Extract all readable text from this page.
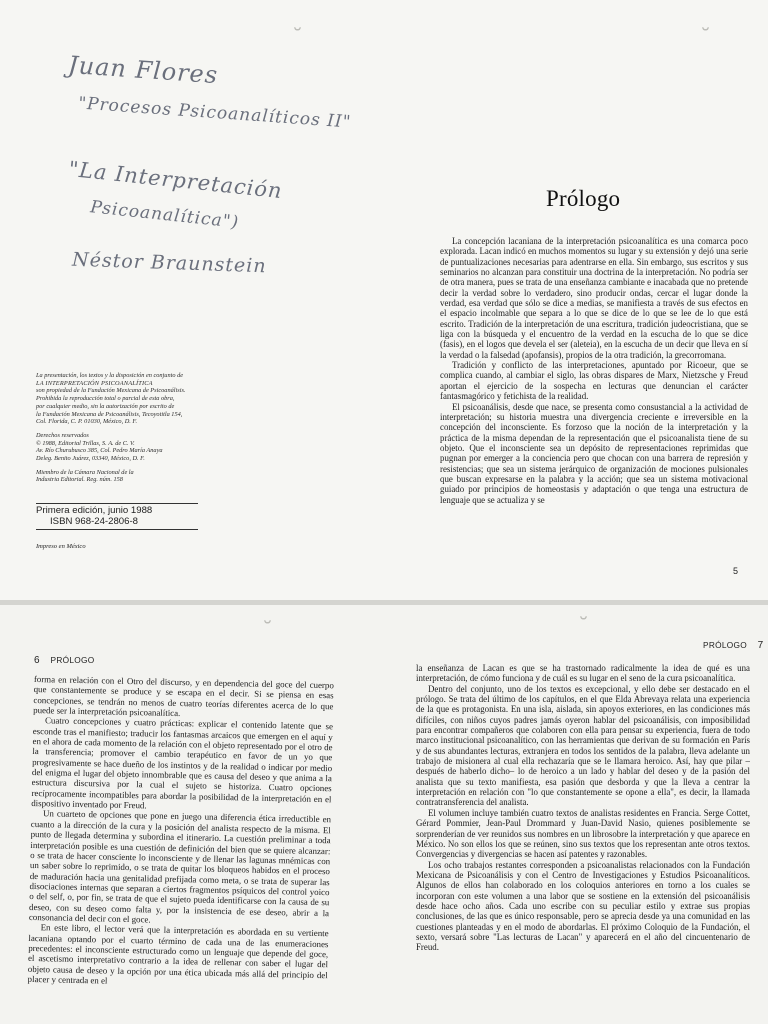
˘	˘
Juan Flores
"Procesos Psicoanalíticos II"
"La Interpretación
Psicoanalítica")
Néstor Braunstein

La presentación, los textos y la disposición en conjunto de

LA INTERPRETACIÓN PSICOANALÍTICA

son propiedad de la Fundación Mexicana de Psicoanálisis.

Prohibida la reproducción total o parcial de esta obra,

por cualquier medio, sin la autorización por escrito de

la Fundación Mexicana de Psicoanálisis, Tecoyotitla 154,

Col. Florida, C. P. 01030, México, D. F.

Derechos reservados

© 1988, Editorial Trillas, S. A. de C. V.

Av. Río Churubusco 385, Col. Pedro María Anaya

Deleg. Benito Juárez, 03340, México, D. F.

Miembro de la Cámara Nacional de la

Industria Editorial. Reg. núm. 158

Primera edición, junio 1988
ISBN 968-24-2806-8
Impreso en México
Prólogo

La concepción lacaniana de la interpretación psicoanalítica es una comarca poco explorada. Lacan indicó en muchos momentos su lugar y su extensión y dejó una serie de puntualizaciones necesarias para adentrarse en ella. Sin embargo, sus escritos y sus seminarios no alcanzan para constituir una doctrina de la interpretación. No podría ser de otra manera, pues se trata de una enseñanza cambiante e inacabada que no pretende decir la verdad sobre lo verdadero, sino producir ondas, cercar el lugar donde la verdad, esa verdad que sólo se dice a medias, se manifiesta a través de sus efectos en el espacio incolmable que separa a lo que se dice de lo que se lee de lo que está escrito. Tradición de la interpretación de una escritura, tradición judeocristiana, que se liga con la búsqueda y el encuentro de la verdad en la escucha de lo que se dice (fasis), en el logos que devela el ser (aleteia), en la escucha de un decir que lleva en sí la verdad o la falsedad (apofansis), propios de la otra tradición, la grecorromana.

Tradición y conflicto de las interpretaciones, apuntado por Ricoeur, que se complica cuando, al cambiar el siglo, las obras dispares de Marx, Nietzsche y Freud aportan el ejercicio de la sospecha en lecturas que denuncian el carácter fantasmagórico y fetichista de la realidad.

El psicoanálisis, desde que nace, se presenta como consustancial a la actividad de interpretación; su historia muestra una divergencia creciente e irreversible en la concepción del inconsciente. Es forzoso que la noción de la interpretación y la práctica de la misma dependan de la representación que el psicoanalista tiene de su objeto. Que el inconsciente sea un depósito de representaciones reprimidas que pugnan por emerger a la conciencia pero que chocan con una barrera de represión y resistencias; que sea un sistema jerárquico de organización de mociones pulsionales que buscan expresarse en la palabra y la acción; que sea un sistema motivacional guiado por principios de homeostasis y adaptación o que tenga una estructura de lenguaje que se actualiza y se

5
˘	˘
6 PRÓLOGO
PRÓLOGO 7

forma en relación con el Otro del discurso, y en dependencia del goce del cuerpo que constantemente se produce y se escapa en el decir. Si se piensa en esas concepciones, se tendrán no menos de cuatro teorías diferentes acerca de lo que puede ser la interpretación psicoanalítica.

Cuatro concepciones y cuatro prácticas: explicar el contenido latente que se esconde tras el manifiesto; traducir los fantasmas arcaicos que emergen en el aquí y en el ahora de cada momento de la relación con el objeto representado por el otro de la transferencia; promover el cambio terapéutico en favor de un yo que progresivamente se hace dueño de los instintos y de la realidad o indicar por medio del enigma el lugar del objeto innombrable que es causa del deseo y que anima a la estructura discursiva por la cual el sujeto se historiza. Cuatro opciones recíprocamente incompatibles para abordar la posibilidad de la interpretación en el dispositivo inventado por Freud.

Un cuarteto de opciones que pone en juego una diferencia ética irreductible en cuanto a la dirección de la cura y la posición del analista respecto de la misma. El punto de llegada determina y subordina el itinerario. La cuestión preliminar a toda interpretación posible es una cuestión de definición del bien que se quiere alcanzar: o se trata de hacer consciente lo inconsciente y de llenar las lagunas mnémicas con un saber sobre lo reprimido, o se trata de quitar los bloqueos habidos en el proceso de maduración hacia una genitalidad prefijada como meta, o se trata de superar las disociaciones internas que separan a ciertos fragmentos psíquicos del control yoico o del self, o, por fin, se trata de que el sujeto pueda identificarse con la causa de su deseo, con su deseo como falta y, por la insistencia de ese deseo, abrir a la consonancia del decir con el goce.

En este libro, el lector verá que la interpretación es abordada en su vertiente lacaniana optando por el cuarto término de cada una de las enumeraciones precedentes: el inconsciente estructurado como un lenguaje que depende del goce, el ascetismo interpretativo contrario a la idea de rellenar con saber el lugar del objeto causa de deseo y la opción por una ética ubicada más allá del principio del placer y centrada en el

la enseñanza de Lacan es que se ha trastornado radicalmente la idea de qué es una interpretación, de cómo funciona y de cuál es su lugar en el seno de la cura psicoanalítica.

Dentro del conjunto, uno de los textos es excepcional, y ello debe ser destacado en el prólogo. Se trata del último de los capítulos, en el que Elda Abrevaya relata una experiencia de la que es protagonista. En una isla, aislada, sin apoyos exteriores, en las condiciones más difíciles, con niños cuyos padres jamás oyeron hablar del psicoanálisis, con imposibilidad para encontrar compañeros que colaboren con ella para pensar su experiencia, fuera de todo marco institucional psicoanalítico, con las herramientas que derivan de su formación en París y de sus abundantes lecturas, extranjera en todos los sentidos de la palabra, lleva adelante un trabajo de misionera al cual ella rechazaría que se le llamara heroico. Así, hay que pilar –después de haberlo dicho– lo de heroico a un lado y hablar del deseo y de la pasión del analista que su texto manifiesta, esa pasión que desborda y que la lleva a centrar la interpretación en relación con "lo que constantemente se opone a ella", es decir, la llamada contratransferencia del analista.

El volumen incluye también cuatro textos de analistas residentes en Francia. Serge Cottet, Gérard Pommier, Jean-Paul Drommard y Juan-David Nasio, quienes posiblemente se sorprenderían de ver reunidos sus nombres en un librosobre la interpretación y que aparece en México. No son ellos los que se reúnen, sino sus textos que los representan ante otros textos. Convergencias y divergencias se hacen así patentes y razonables.

Los ocho trabajos restantes corresponden a psicoanalistas relacionados con la Fundación Mexicana de Psicoanálisis y con el Centro de Investigaciones y Estudios Psicoanalíticos. Algunos de ellos han colaborado en los coloquios anteriores en torno a los cuales se incorporan con este volumen a una labor que se sostiene en la extensión del psicoanálisis desde hace ocho años. Cada uno escribe con su peculiar estilo y extrae sus propias conclusiones, de las que es único responsable, pero se aprecia desde ya una comunidad en las cuestiones planteadas y en el modo de abordarlas. El próximo Coloquio de la Fundación, el sexto, versará sobre "Las lecturas de Lacan" y aparecerá en el año del cincuentenario de Freud.
